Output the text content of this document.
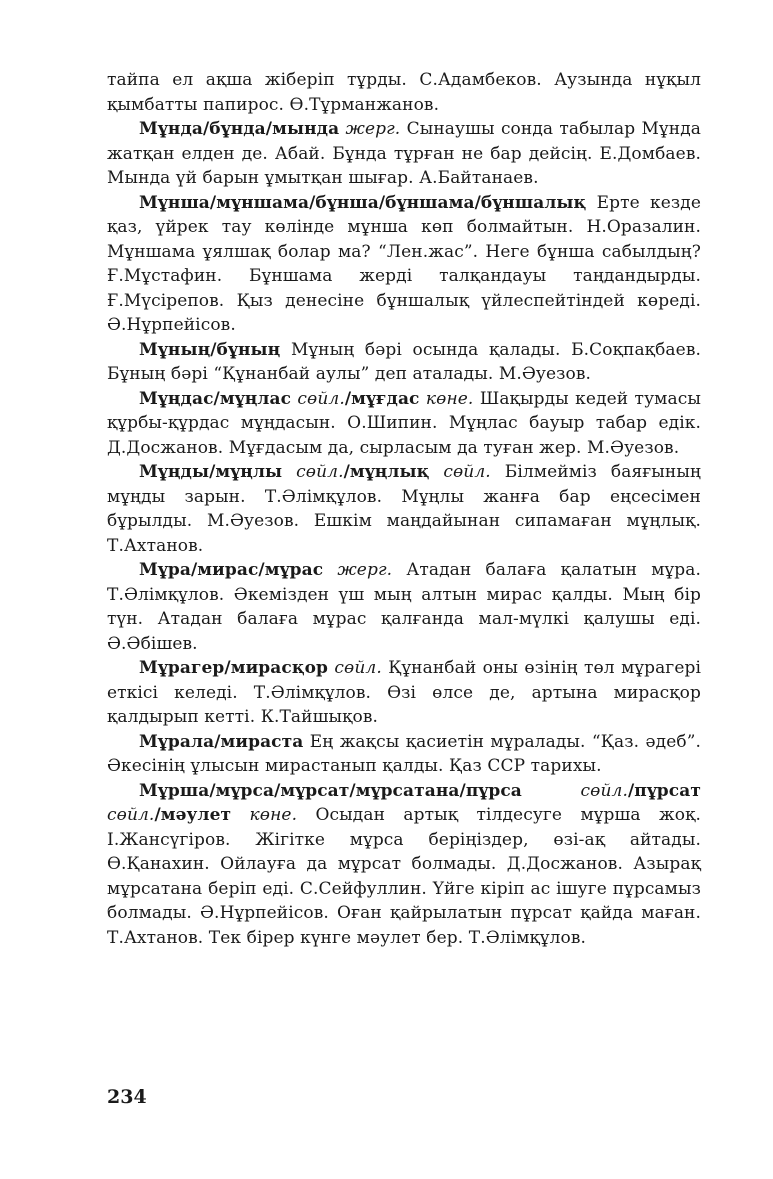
тайпа ел ақша жіберіп тұрды. С.Адамбеков. Аузында нұқыл қымбатты папирос. Ө.Тұрманжанов.

Мұнда/бұнда/мында жерг. Сынаушы сонда табылар Мұнда жатқан елден де. Абай. Бұнда тұрған не бар дейсің. Е.Домбаев. Мында үй барын ұмытқан шығар. А.Байтанаев.

Мұнша/мұншама/бұнша/бұншама/бұншалық Ерте кезде қаз, үйрек тау көлінде мұнша көп болмайтын. Н.Оразалин. Мұншама ұялшақ болар ма? “Лен.жас”. Неге бұнша сабылдың? Ғ.Мұстафин. Бұншама жерді талқандауы таңдандырды. Ғ.Мүсірепов. Қыз денесіне бұншалық үйлеспейтіндей көреді. Ә.Нұрпейісов.

Мұның/бұның Мұның бәрі осында қалады. Б.Соқпақбаев. Бұның бәрі “Құнанбай аулы” деп аталады. М.Әуезов.

Мұңдас/мұңлас сөйл./мұғдас көне. Шақырды кедей тумасы құрбы-құрдас мұңдасын. О.Шипин. Мұңлас бауыр табар едік. Д.Досжанов. Мұғдасым да, сырласым да туған жер. М.Әуезов.

Мұңды/мұңлы сөйл./мұңлық сөйл. Білмейміз баяғының мұңды зарын. Т.Әлімқұлов. Мұңлы жанға бар еңсесімен бұрылды. М.Әуезов. Ешкім маңдайынан сипамаған мұңлық. Т.Ахтанов.

Мұра/мирас/мұрас жерг. Атадан балаға қалатын мұра. Т.Әлімқұлов. Әкемізден үш мың алтын мирас қалды. Мың бір түн. Атадан балаға мұрас қалғанда мал-мүлкі қалушы еді. Ә.Әбішев.

Мұрагер/мирасқор сөйл. Құнанбай оны өзінің төл мұрагері еткісі келеді. Т.Әлімқұлов. Өзі өлсе де, артына мирасқор қалдырып кетті. К.Тайшықов.

Мұрала/мираста Ең жақсы қасиетін мұралады. “Қаз. әдеб”. Әкесінің ұлысын мирастанып қалды. Қаз ССР тарихы.

Мұрша/мұрса/мұрсат/мұрсатана/пұрса	сөйл./пұрсат сөйл./мәулет көне. Осыдан артық тілдесуге мұрша жоқ. І.Жансүгіров. Жігітке мұрса беріңіздер, өзі-ақ айтады. Ө.Қанахин. Ойлауға да мұрсат болмады. Д.Досжанов. Азырақ мұрсатана беріп еді. С.Сейфуллин. Үйге кіріп ас ішуге пұрсамыз болмады. Ә.Нұрпейісов. Оған қайрылатын пұрсат қайда маған. Т.Ахтанов. Тек бірер күнге мәулет бер. Т.Әлімқұлов.

234
